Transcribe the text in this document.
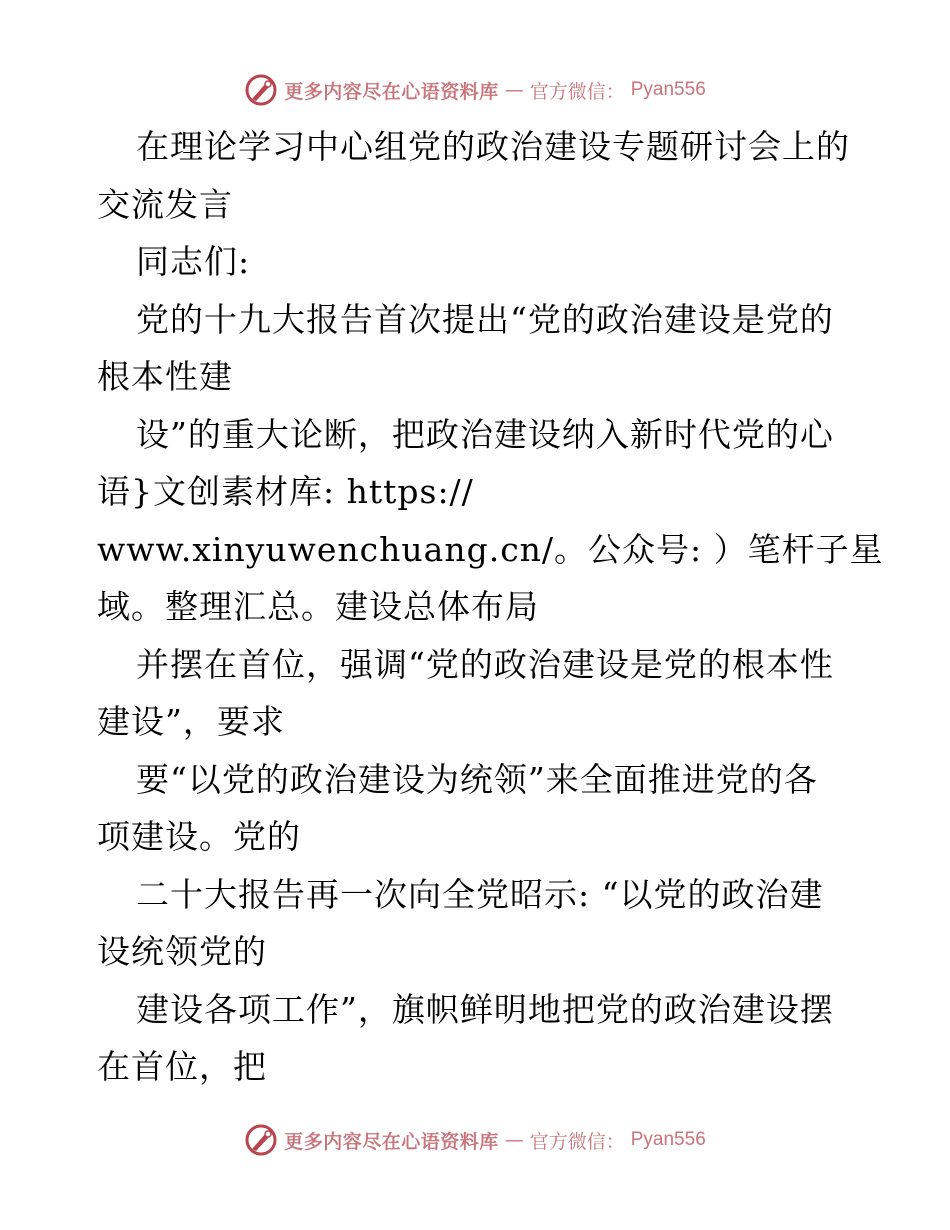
更多内容尽在心语资料库 — 官方微信： Pyan556
在理论学习中心组党的政治建设专题研讨会上的
交流发言
同志们:
党的十九大报告首次提出“党的政治建设是党的
根本性建
设”的重大论断，把政治建设纳入新时代党的心
语}文创素材库: https://
www.xinyuwenchuang.cn/。公众号: ）笔杆子星
域。整理汇总。建设总体布局
并摆在首位，强调“党的政治建设是党的根本性
建设”，要求
要“以党的政治建设为统领”来全面推进党的各
项建设。党的
二十大报告再一次向全党昭示: “以党的政治建
设统领党的
建设各项工作”，旗帜鲜明地把党的政治建设摆
在首位，把
更多内容尽在心语资料库 — 官方微信： Pyan556
